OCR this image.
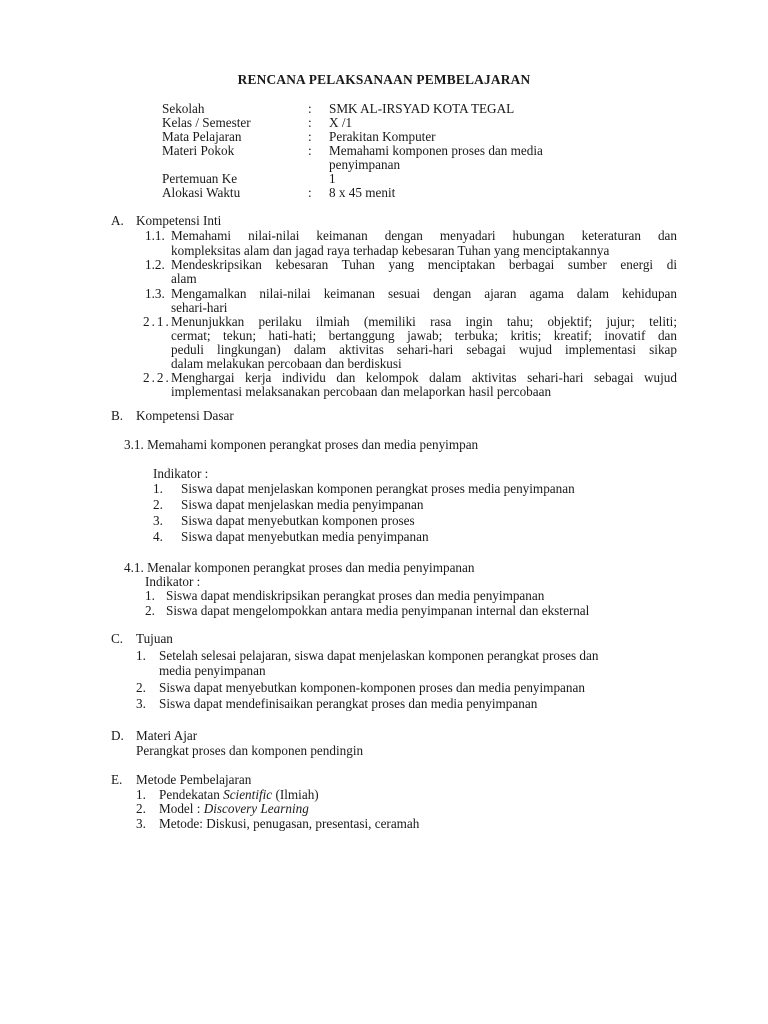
RENCANA PELAKSANAAN PEMBELAJARAN
Sekolah	: SMK AL-IRSYAD KOTA TEGAL
Kelas / Semester	: X /1
Mata Pelajaran	: Perakitan Komputer
Materi Pokok	: Memahami komponen proses dan media
penyimpanan
Pertemuan Ke	1
Alokasi Waktu	: 8 x 45 menit
A. Kompetensi Inti
1.1. Memahami nilai-nilai keimanan dengan menyadari hubungan keteraturan dan
kompleksitas alam dan jagad raya terhadap kebesaran Tuhan yang menciptakannya
1.2. Mendeskripsikan kebesaran Tuhan yang menciptakan berbagai sumber energi di
alam
1.3. Mengamalkan nilai-nilai keimanan sesuai dengan ajaran agama dalam kehidupan
sehari-hari
2.1. Menunjukkan perilaku ilmiah (memiliki rasa ingin tahu; objektif; jujur; teliti;
cermat; tekun; hati-hati; bertanggung jawab; terbuka; kritis; kreatif; inovatif dan
peduli lingkungan) dalam aktivitas sehari-hari sebagai wujud implementasi sikap
dalam melakukan percobaan dan berdiskusi
2.2. Menghargai kerja individu dan kelompok dalam aktivitas sehari-hari sebagai wujud
implementasi melaksanakan percobaan dan melaporkan hasil percobaan
B. Kompetensi Dasar
3.1. Memahami komponen perangkat proses dan media penyimpan
Indikator :
1. Siswa dapat menjelaskan komponen perangkat proses media penyimpanan
2. Siswa dapat menjelaskan media penyimpanan
3. Siswa dapat menyebutkan komponen proses
4. Siswa dapat menyebutkan media penyimpanan
4.1. Menalar komponen perangkat proses dan media penyimpanan
Indikator :
1. Siswa dapat mendiskripsikan perangkat proses dan media penyimpanan
2. Siswa dapat mengelompokkan antara media penyimpanan internal dan eksternal
C. Tujuan
1. Setelah selesai pelajaran, siswa dapat menjelaskan komponen perangkat proses dan
media penyimpanan
2. Siswa dapat menyebutkan komponen-komponen proses dan media penyimpanan
3. Siswa dapat mendefinisaikan perangkat proses dan media penyimpanan
D. Materi Ajar
Perangkat proses dan komponen pendingin
E. Metode Pembelajaran
1. Pendekatan Scientific (Ilmiah)
2. Model : Discovery Learning
3. Metode: Diskusi, penugasan, presentasi, ceramah
